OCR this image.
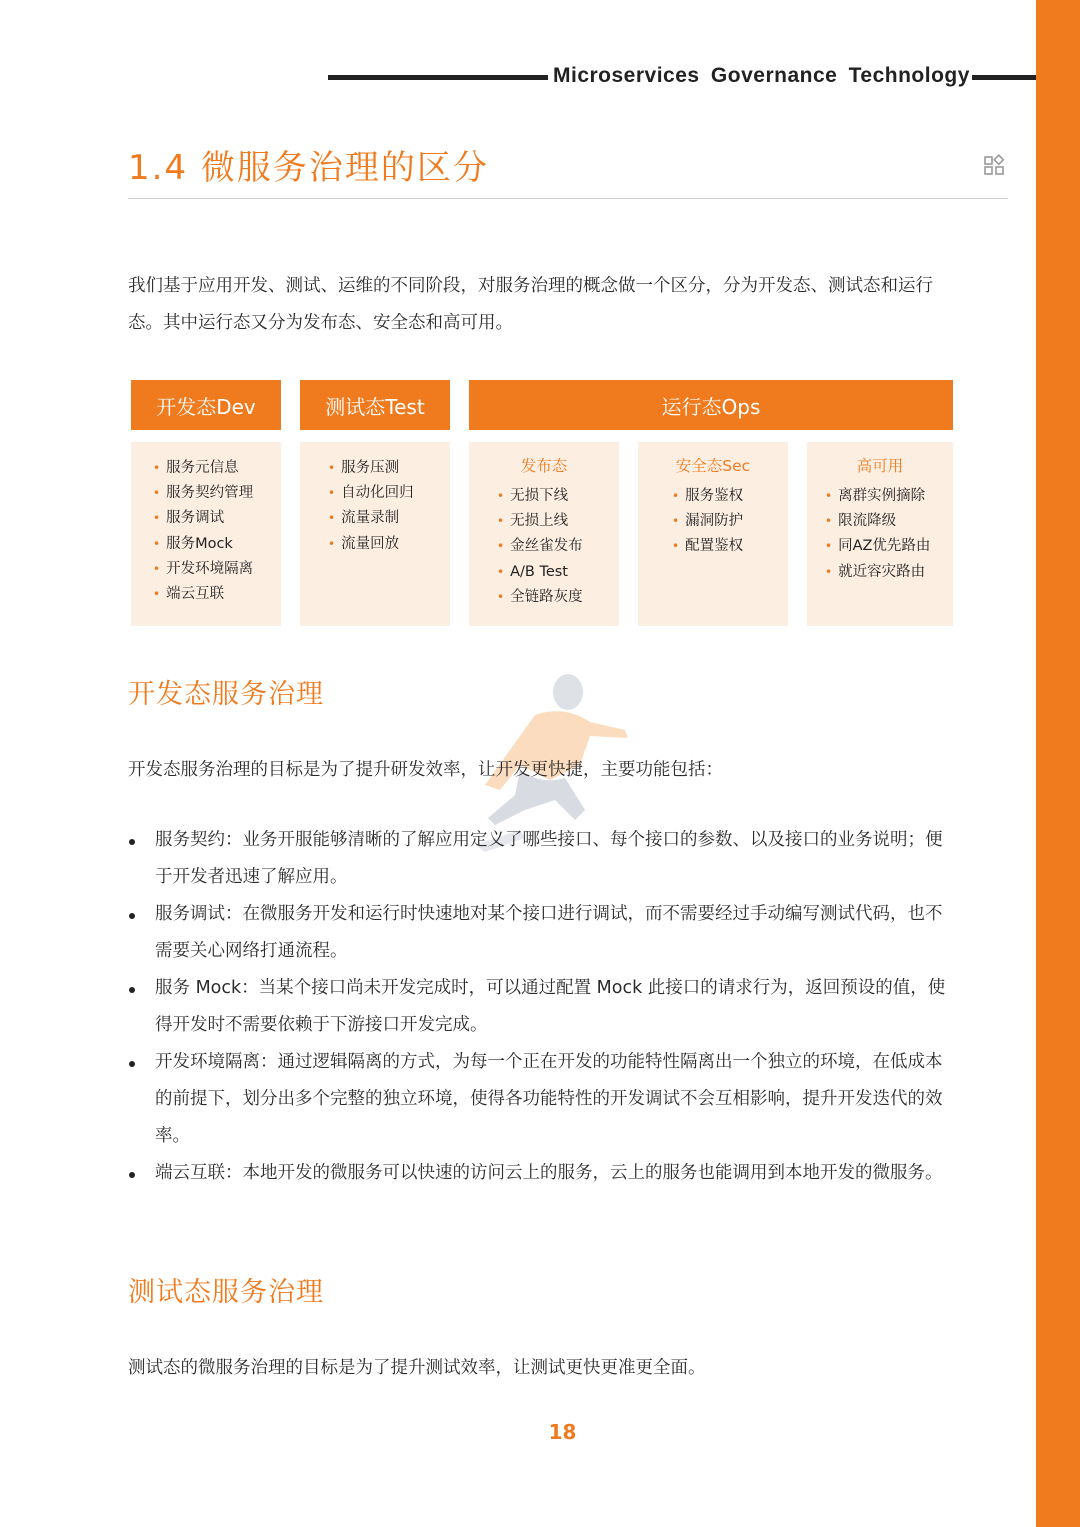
Microservices Governance Technology
1.4 微服务治理的区分
我们基于应用开发、测试、运维的不同阶段，对服务治理的概念做一个区分，分为开发态、测试态和运行态。其中运行态又分为发布态、安全态和高可用。
开发态Dev	测试态Test	运行态Ops
• 服务元信息
• 服务契约管理
• 服务调试
• 服务Mock
• 开发环境隔离
• 端云互联
• 服务压测
• 自动化回归
• 流量录制
• 流量回放
发布态
• 无损下线
• 无损上线
• 金丝雀发布
• A/B Test
• 全链路灰度
安全态Sec
• 服务鉴权
• 漏洞防护
• 配置鉴权
高可用
• 离群实例摘除
• 限流降级
• 同AZ优先路由
• 就近容灾路由
开发态服务治理
开发态服务治理的目标是为了提升研发效率，让开发更快捷，主要功能包括：
服务契约：业务开服能够清晰的了解应用定义了哪些接口、每个接口的参数、以及接口的业务说明；便于开发者迅速了解应用。
服务调试：在微服务开发和运行时快速地对某个接口进行调试，而不需要经过手动编写测试代码，也不需要关心网络打通流程。
服务 Mock：当某个接口尚未开发完成时，可以通过配置 Mock 此接口的请求行为，返回预设的值，使得开发时不需要依赖于下游接口开发完成。
开发环境隔离：通过逻辑隔离的方式，为每一个正在开发的功能特性隔离出一个独立的环境，在低成本的前提下，划分出多个完整的独立环境，使得各功能特性的开发调试不会互相影响，提升开发迭代的效率。
端云互联：本地开发的微服务可以快速的访问云上的服务，云上的服务也能调用到本地开发的微服务。
测试态服务治理
测试态的微服务治理的目标是为了提升测试效率，让测试更快更准更全面。
18
